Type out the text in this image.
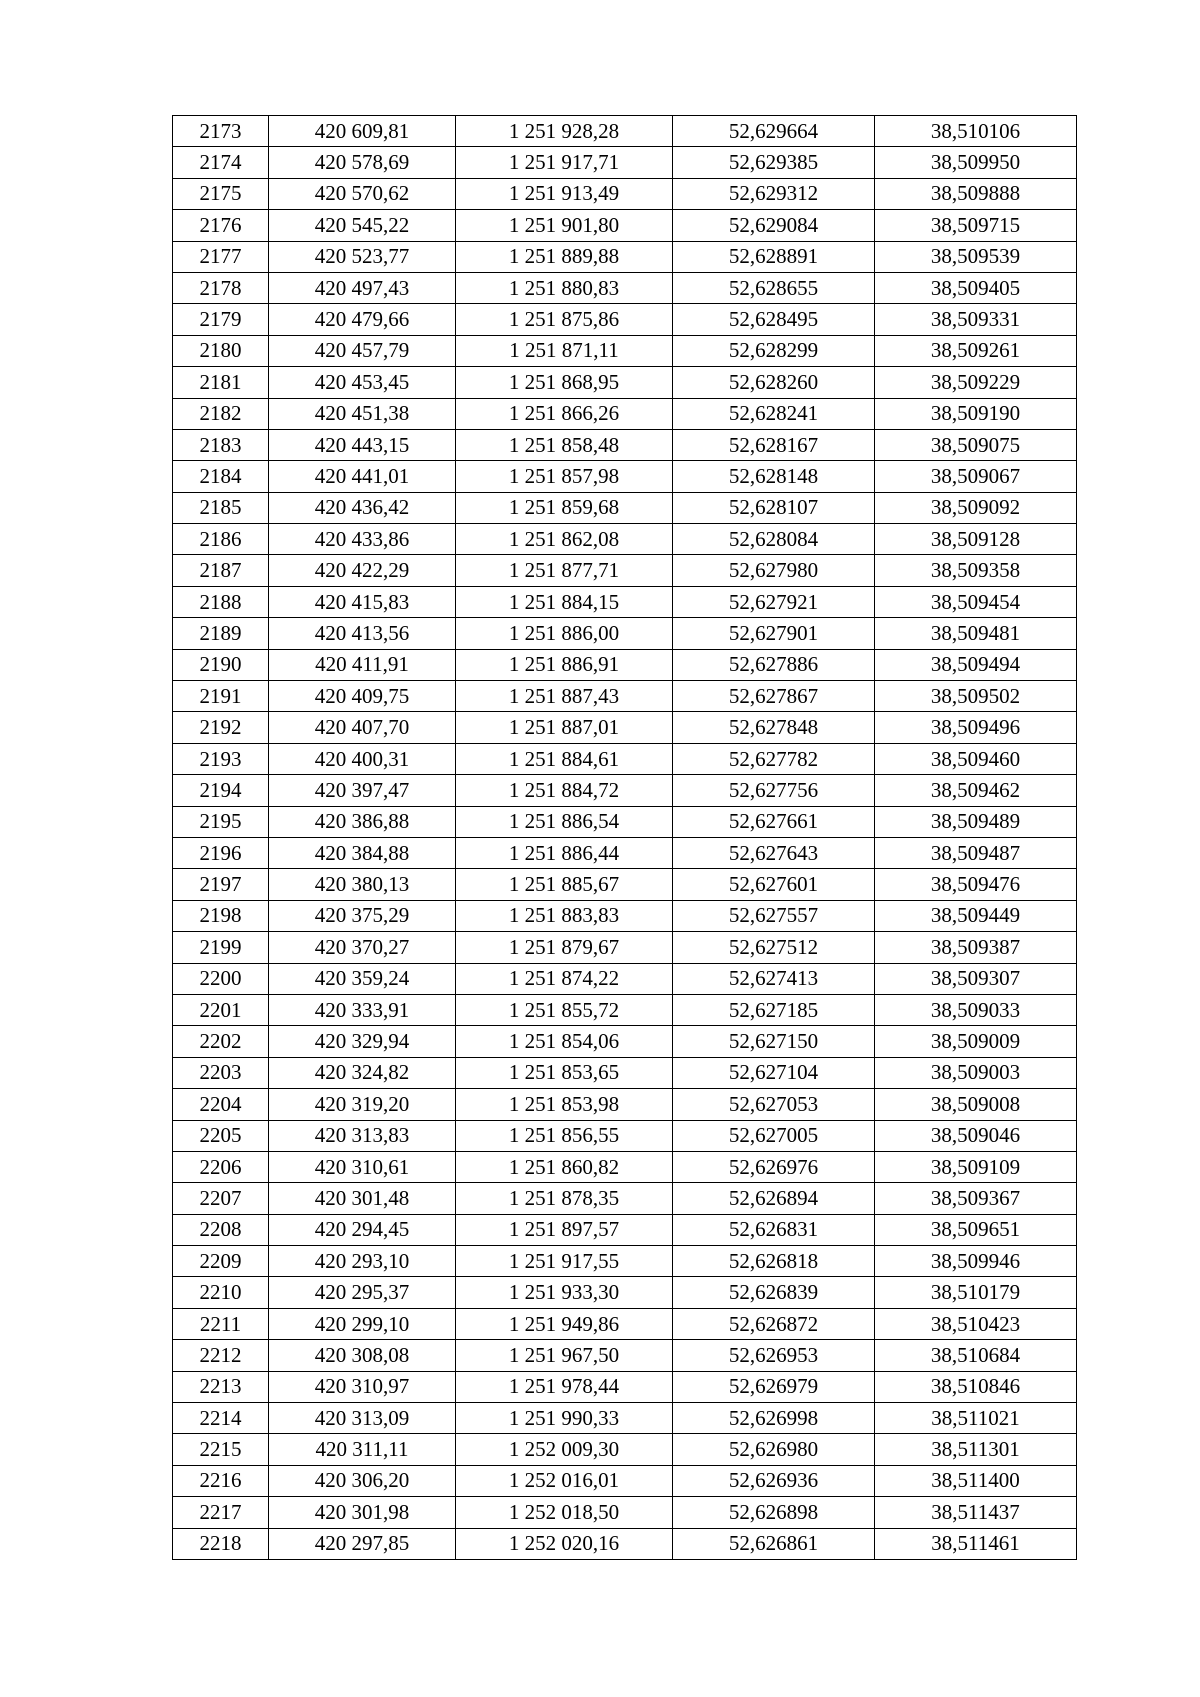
2173	420 609,81	1 251 928,28	52,629664	38,510106
2174	420 578,69	1 251 917,71	52,629385	38,509950
2175	420 570,62	1 251 913,49	52,629312	38,509888
2176	420 545,22	1 251 901,80	52,629084	38,509715
2177	420 523,77	1 251 889,88	52,628891	38,509539
2178	420 497,43	1 251 880,83	52,628655	38,509405
2179	420 479,66	1 251 875,86	52,628495	38,509331
2180	420 457,79	1 251 871,11	52,628299	38,509261
2181	420 453,45	1 251 868,95	52,628260	38,509229
2182	420 451,38	1 251 866,26	52,628241	38,509190
2183	420 443,15	1 251 858,48	52,628167	38,509075
2184	420 441,01	1 251 857,98	52,628148	38,509067
2185	420 436,42	1 251 859,68	52,628107	38,509092
2186	420 433,86	1 251 862,08	52,628084	38,509128
2187	420 422,29	1 251 877,71	52,627980	38,509358
2188	420 415,83	1 251 884,15	52,627921	38,509454
2189	420 413,56	1 251 886,00	52,627901	38,509481
2190	420 411,91	1 251 886,91	52,627886	38,509494
2191	420 409,75	1 251 887,43	52,627867	38,509502
2192	420 407,70	1 251 887,01	52,627848	38,509496
2193	420 400,31	1 251 884,61	52,627782	38,509460
2194	420 397,47	1 251 884,72	52,627756	38,509462
2195	420 386,88	1 251 886,54	52,627661	38,509489
2196	420 384,88	1 251 886,44	52,627643	38,509487
2197	420 380,13	1 251 885,67	52,627601	38,509476
2198	420 375,29	1 251 883,83	52,627557	38,509449
2199	420 370,27	1 251 879,67	52,627512	38,509387
2200	420 359,24	1 251 874,22	52,627413	38,509307
2201	420 333,91	1 251 855,72	52,627185	38,509033
2202	420 329,94	1 251 854,06	52,627150	38,509009
2203	420 324,82	1 251 853,65	52,627104	38,509003
2204	420 319,20	1 251 853,98	52,627053	38,509008
2205	420 313,83	1 251 856,55	52,627005	38,509046
2206	420 310,61	1 251 860,82	52,626976	38,509109
2207	420 301,48	1 251 878,35	52,626894	38,509367
2208	420 294,45	1 251 897,57	52,626831	38,509651
2209	420 293,10	1 251 917,55	52,626818	38,509946
2210	420 295,37	1 251 933,30	52,626839	38,510179
2211	420 299,10	1 251 949,86	52,626872	38,510423
2212	420 308,08	1 251 967,50	52,626953	38,510684
2213	420 310,97	1 251 978,44	52,626979	38,510846
2214	420 313,09	1 251 990,33	52,626998	38,511021
2215	420 311,11	1 252 009,30	52,626980	38,511301
2216	420 306,20	1 252 016,01	52,626936	38,511400
2217	420 301,98	1 252 018,50	52,626898	38,511437
2218	420 297,85	1 252 020,16	52,626861	38,511461
